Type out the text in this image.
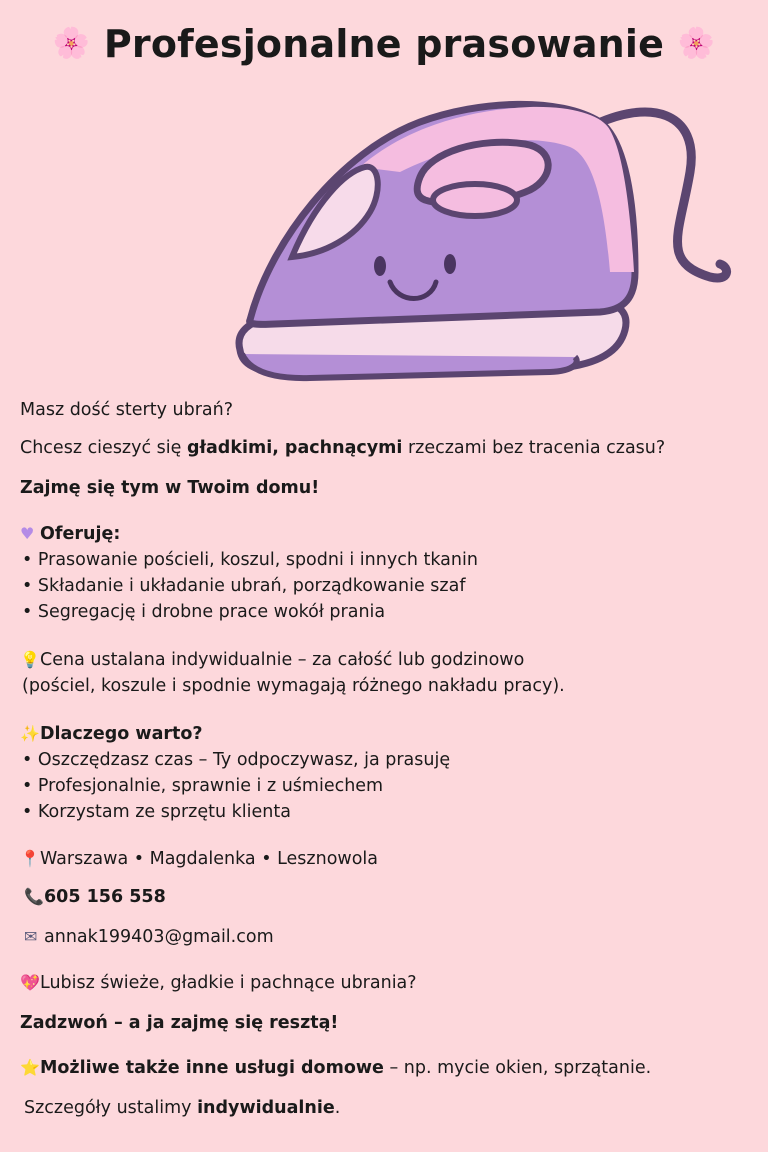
🌸 Profesjonalne prasowanie 🌸
Masz dość sterty ubrań?
Chcesz cieszyć się gładkimi, pachnącymi rzeczami bez tracenia czasu?
Zajmę się tym w Twoim domu!
♥ Oferuję:
• Prasowanie pościeli, koszul, spodni i innych tkanin
• Składanie i układanie ubrań, porządkowanie szaf
• Segregację i drobne prace wokół prania
💡Cena ustalana indywidualnie – za całość lub godzinowo
(pościel, koszule i spodnie wymagają różnego nakładu pracy).
✨Dlaczego warto?
• Oszczędzasz czas – Ty odpoczywasz, ja prasuję
• Profesjonalnie, sprawnie i z uśmiechem
• Korzystam ze sprzętu klienta
📍Warszawa • Magdalenka • Lesznowola
📞605 156 558
✉ annak199403@gmail.com
💖Lubisz świeże, gładkie i pachnące ubrania?
Zadzwoń – a ja zajmę się resztą!
⭐Możliwe także inne usługi domowe – np. mycie okien, sprzątanie.
Szczegóły ustalimy indywidualnie.
